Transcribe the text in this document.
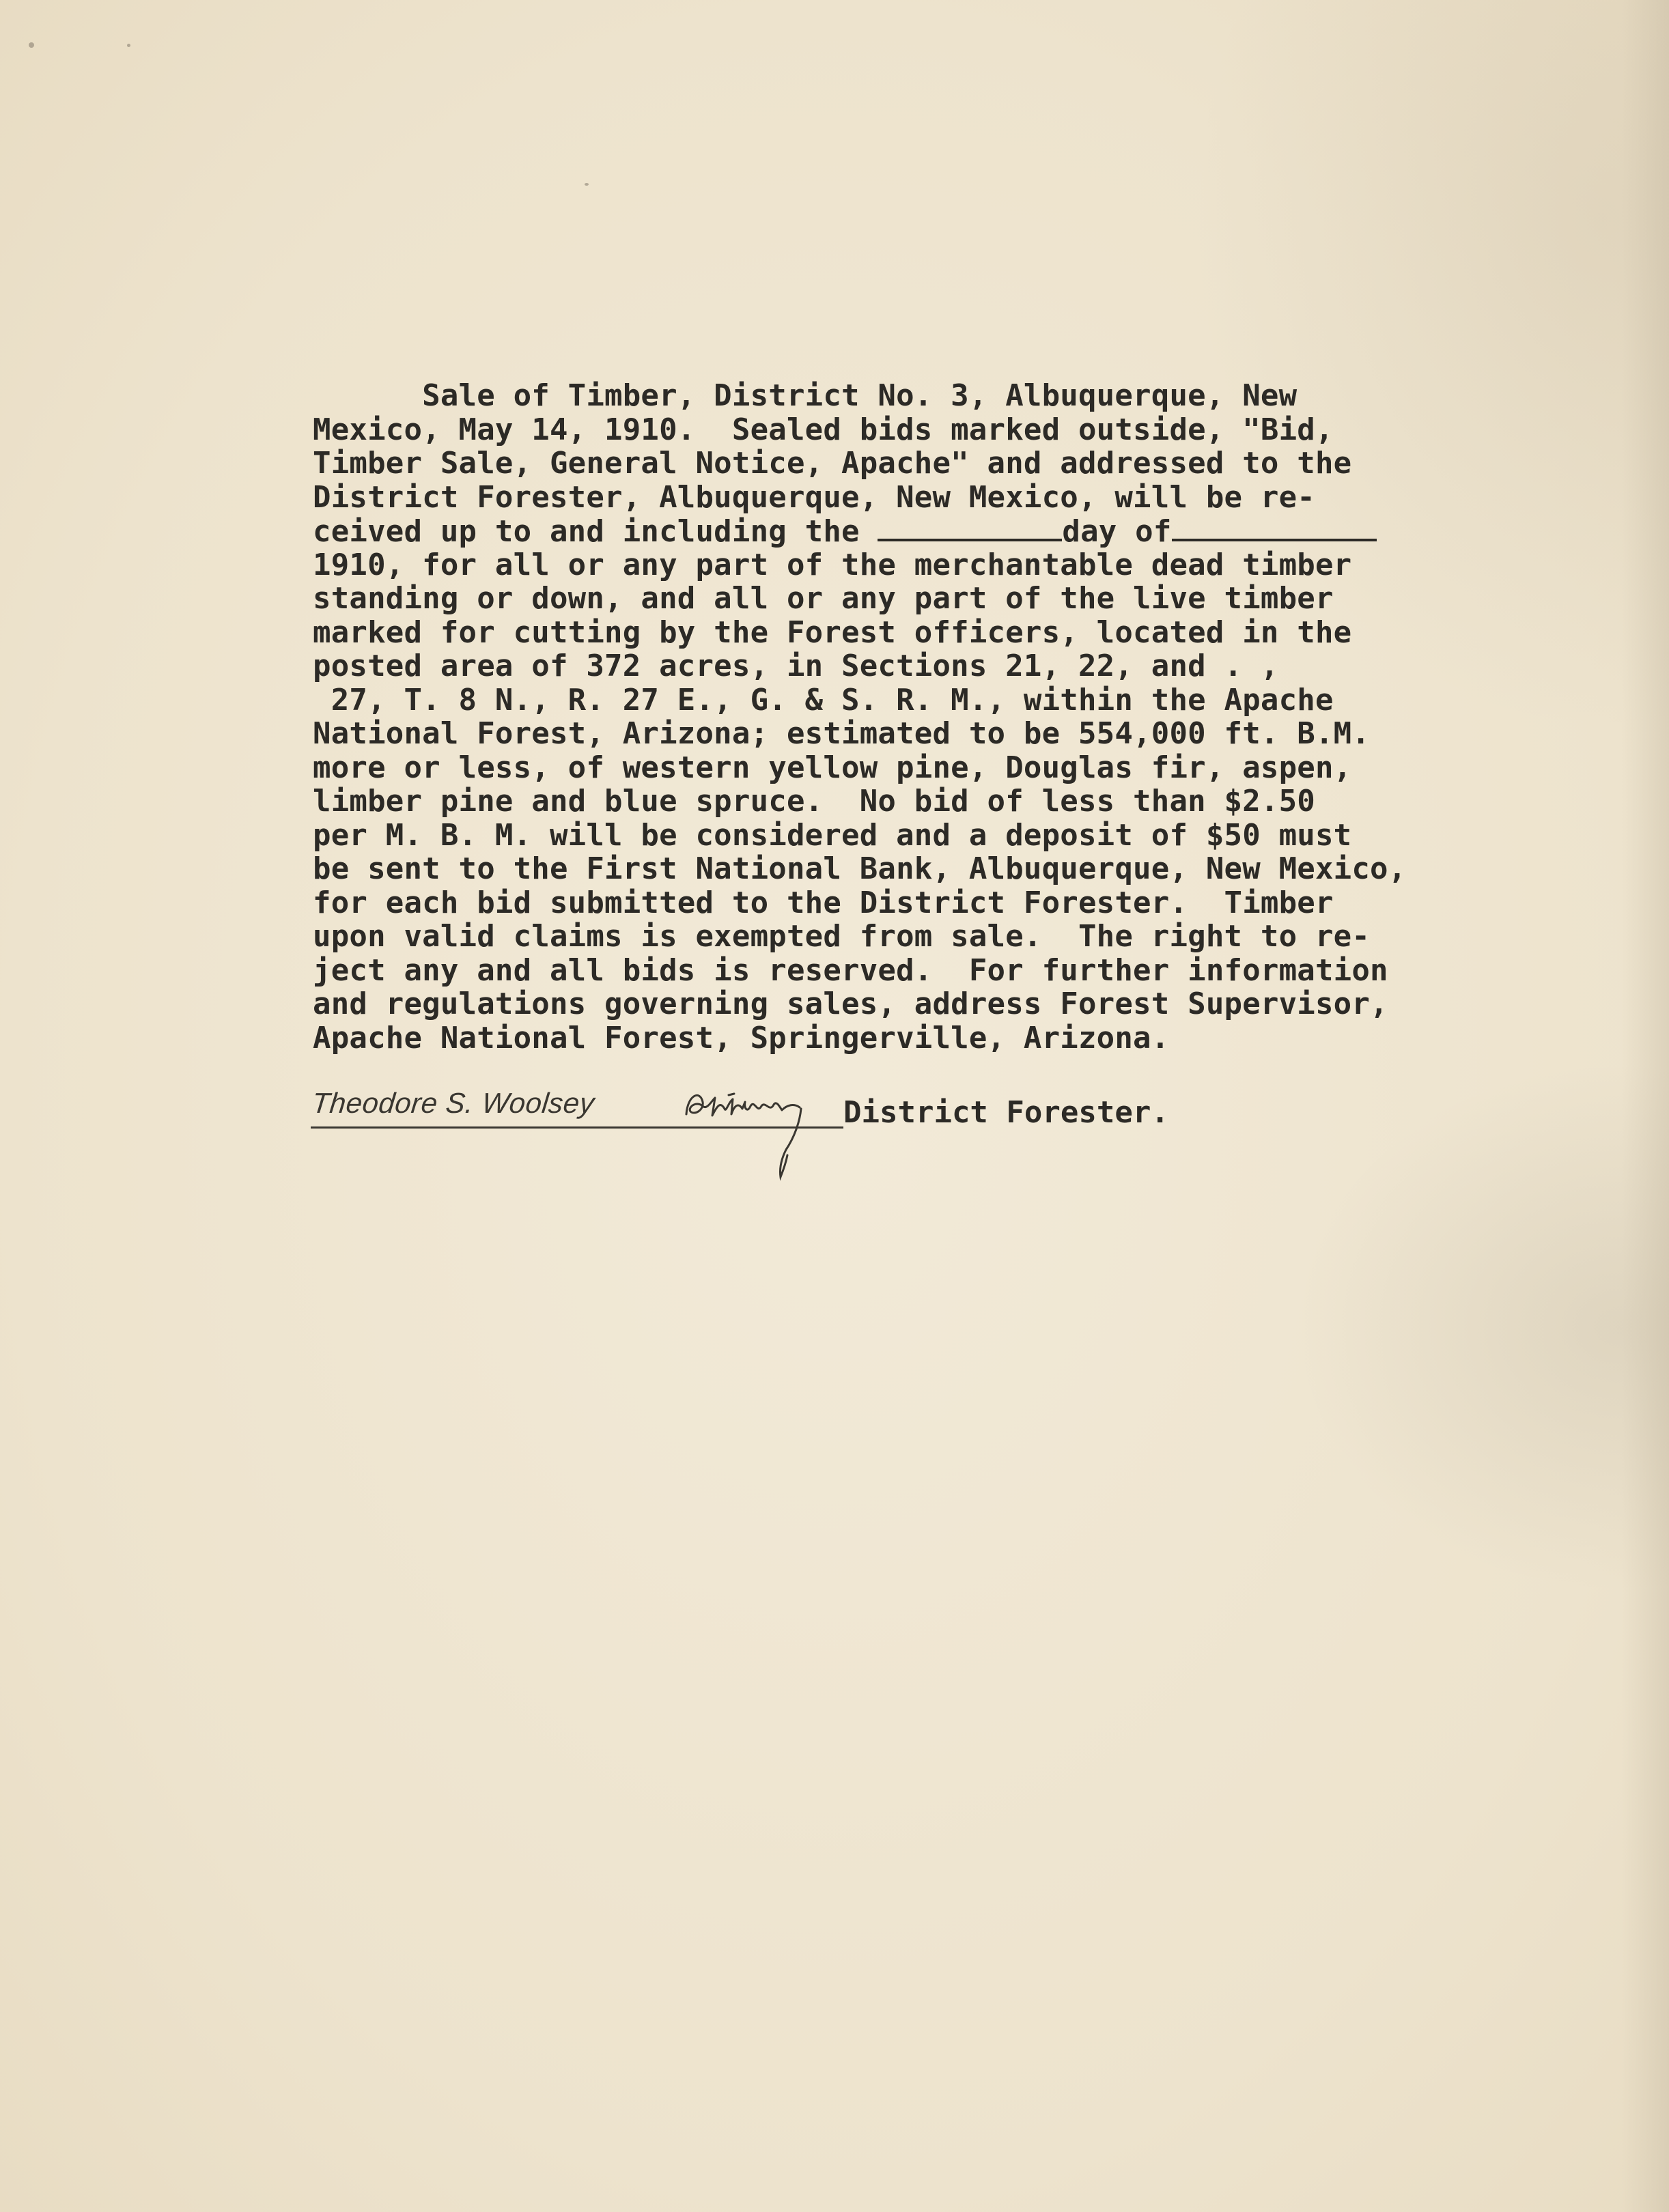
Sale of Timber, District No. 3, Albuquerque, New
Mexico, May 14, 1910.  Sealed bids marked outside, "Bid,
Timber Sale, General Notice, Apache" and addressed to the
District Forester, Albuquerque, New Mexico, will be re-
ceived up to and including the	day of
1910, for all or any part of the merchantable dead timber
standing or down, and all or any part of the live timber
marked for cutting by the Forest officers, located in the
posted area of 372 acres, in Sections 21, 22, and . ,
27, T. 8 N., R. 27 E., G. & S. R. M., within the Apache
National Forest, Arizona; estimated to be 554,000 ft. B.M.
more or less, of western yellow pine, Douglas fir, aspen,
limber pine and blue spruce.  No bid of less than $2.50
per M. B. M. will be considered and a deposit of $50 must
be sent to the First National Bank, Albuquerque, New Mexico,
for each bid submitted to the District Forester.  Timber
upon valid claims is exempted from sale.  The right to re-
ject any and all bids is reserved.  For further information
and regulations governing sales, address Forest Supervisor,
Apache National Forest, Springerville, Arizona.
Theodore S. Woolsey	District Forester.
